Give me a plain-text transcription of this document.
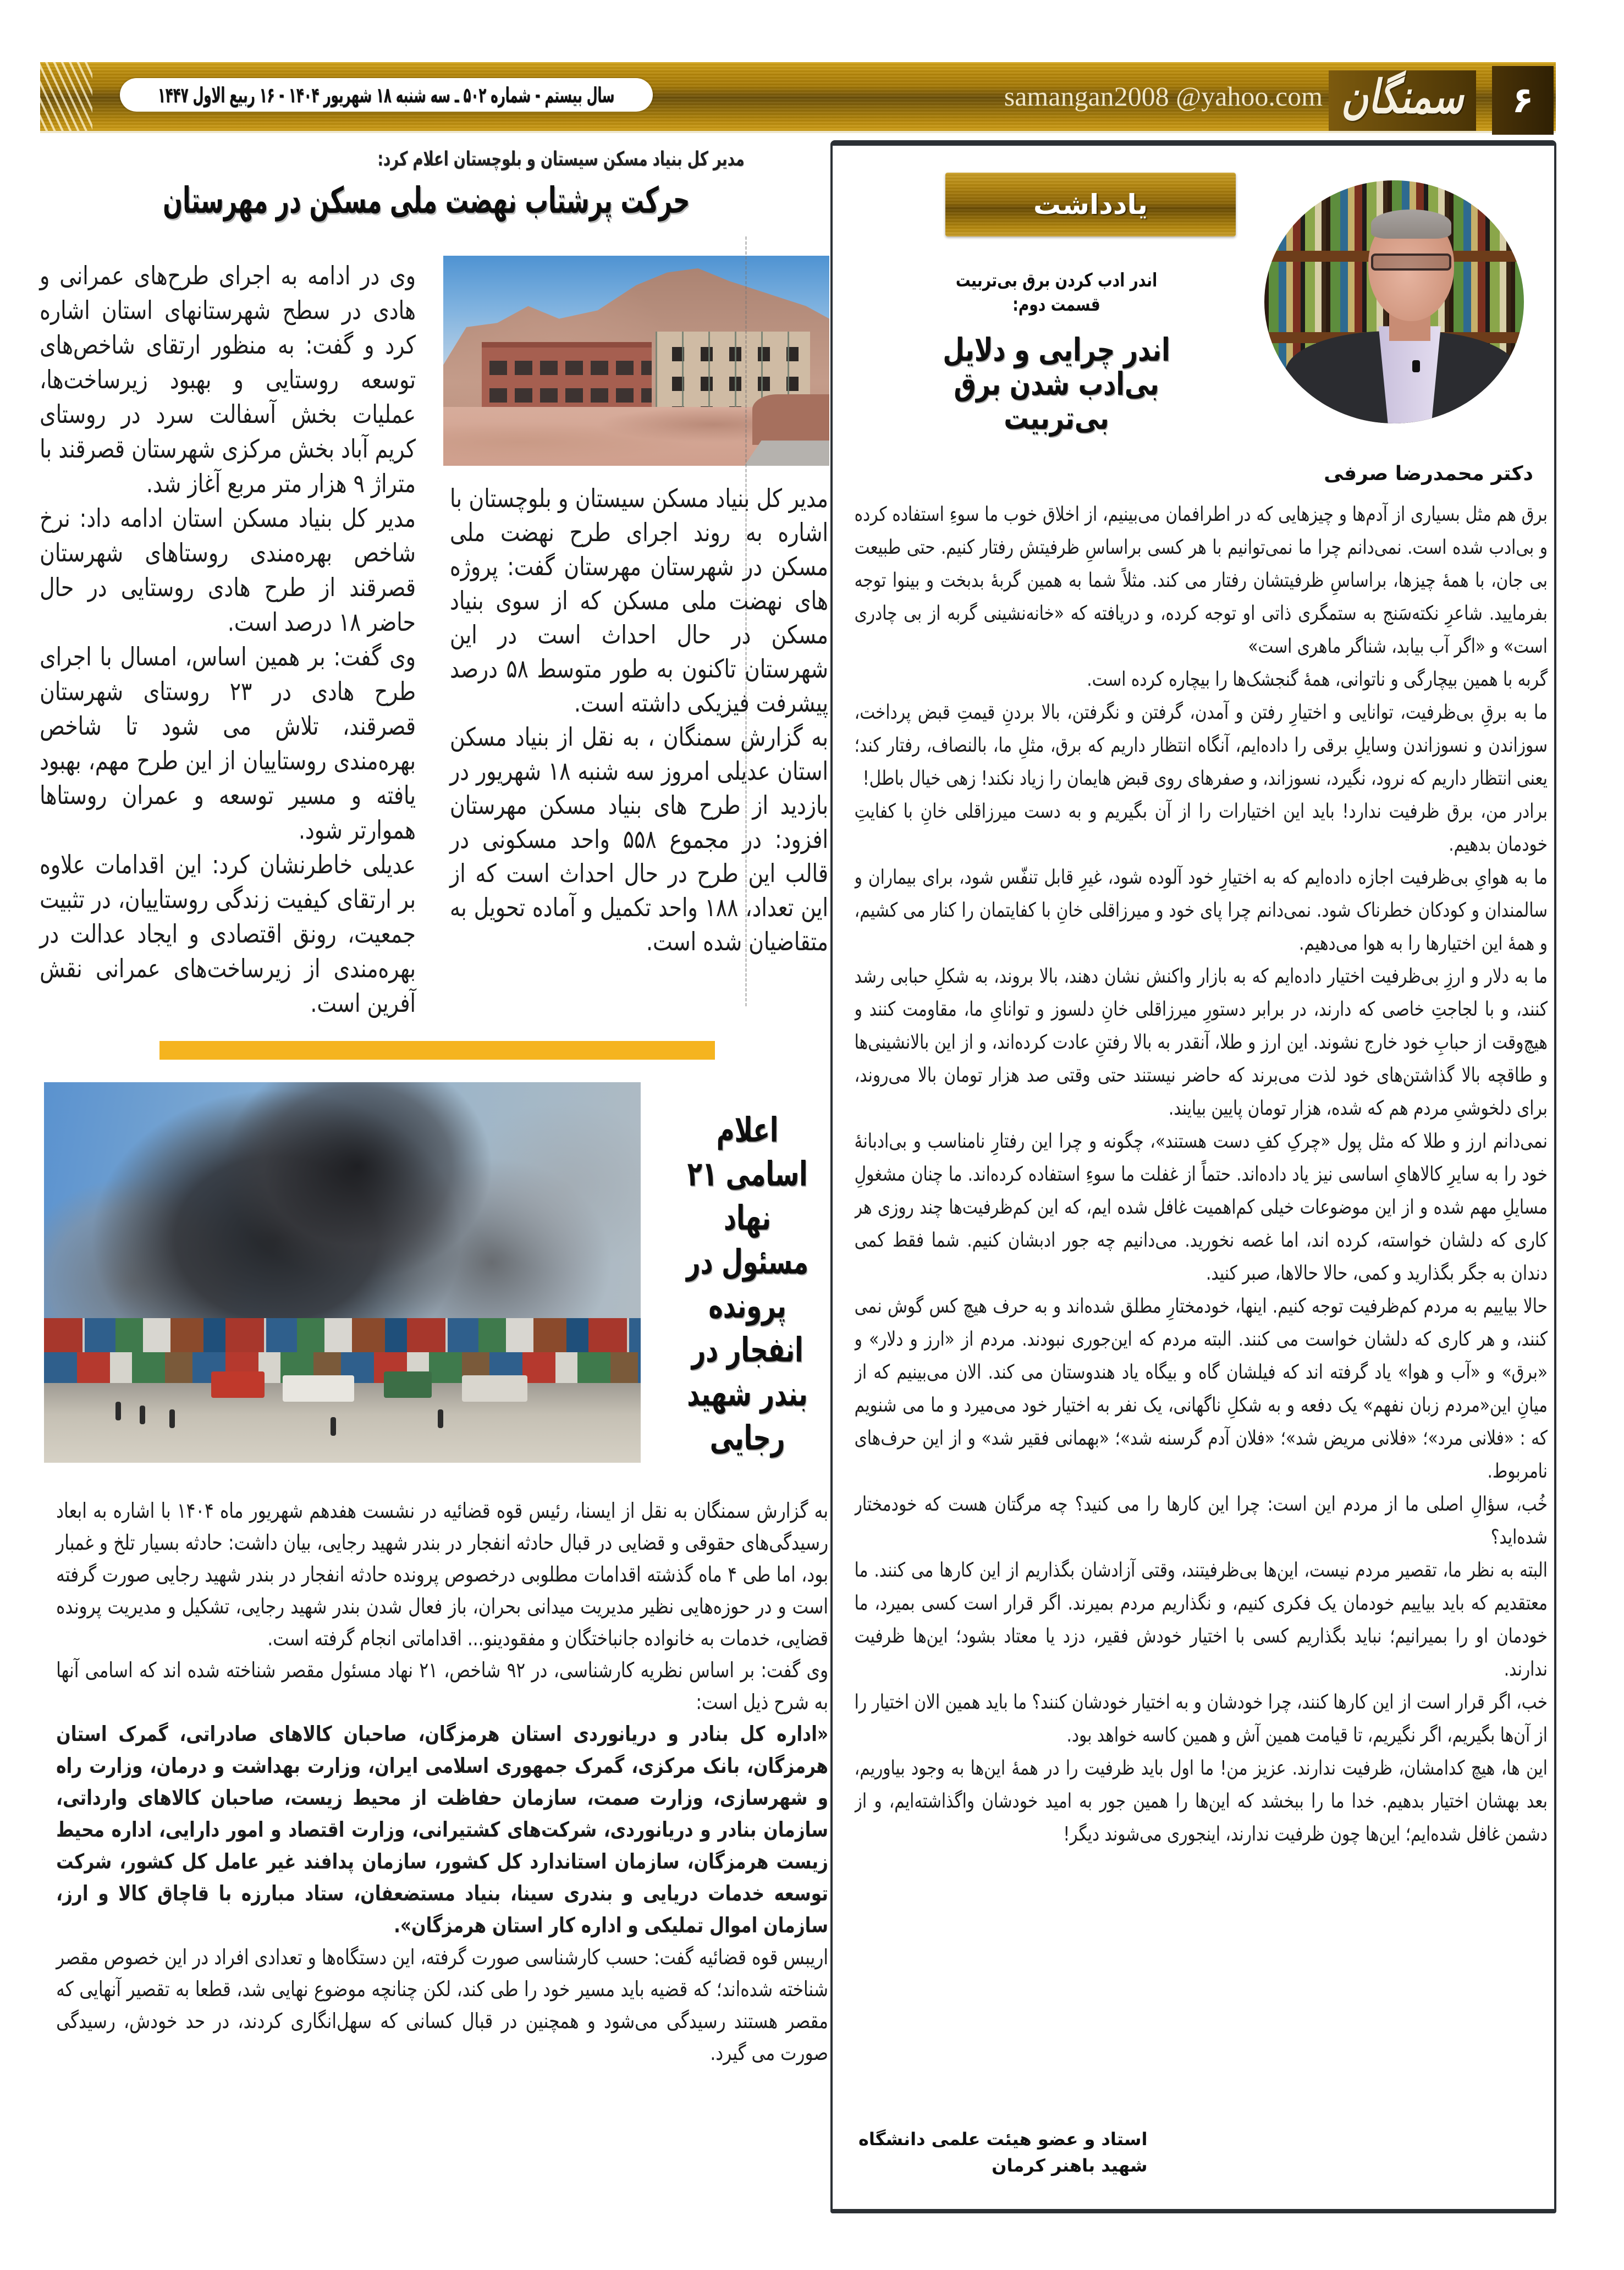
سال بیستم - شماره ۵۰۲ ـ سه شنبه ۱۸ شهریور ۱۴۰۴ - ۱۶ ربیع الاول ۱۴۴۷	samangan2008 @yahoo.com سمنگان	۶
مدیر کل بنیاد مسکن سیستان و بلوچستان اعلام کرد:
حرکت پرشتاب نهضت ملی مسکن در مهرستان

مدیر کل بنیاد مسکن سیستان و بلوچستان با اشاره به روند اجرای طرح نهضت ملی مسکن در شهرستان مهرستان گفت: پروژه های نهضت ملی مسکن که از سوی بنیاد مسکن در حال احداث است در این شهرستان تاکنون به طور متوسط ۵۸ درصد پیشرفت فیزیکی داشته است.

به گزارش سمنگان ، به نقل از بنیاد مسکن استان عدیلی امروز سه شنبه ۱۸ شهریور در بازدید از طرح های بنیاد مسکن مهرستان افزود: در مجموع ۵۵۸ واحد مسکونی در قالب این طرح در حال احداث است که از این تعداد، ۱۸۸ واحد تکمیل و آماده تحویل به متقاضیان شده است.

وی در ادامه به اجرای طرح‌های عمرانی و هادی در سطح شهرستانهای استان اشاره کرد و گفت: به منظور ارتقای شاخص‌های توسعه روستایی و بهبود زیرساخت‌ها، عملیات بخش آسفالت سرد در روستای کریم آباد بخش مرکزی شهرستان قصرقند با متراژ ۹ هزار متر مربع آغاز شد.

مدیر کل بنیاد مسکن استان ادامه داد: نرخ شاخص بهره‌مندی روستاهای شهرستان قصرقند از طرح هادی روستایی در حال حاضر ۱۸ درصد است.

وی گفت: بر همین اساس، امسال با اجرای طرح هادی در ۲۳ روستای شهرستان قصرقند، تلاش می شود تا شاخص بهره‌مندی روستاییان از این طرح مهم، بهبود یافته و مسیر توسعه و عمران روستاها هموارتر شود.

عدیلی خاطرنشان کرد: این اقدامات علاوه بر ارتقای کیفیت زندگی روستاییان، در تثبیت جمعیت، رونق اقتصادی و ایجاد عدالت در بهره‌مندی از زیرساخت‌های عمرانی نقش آفرین است.

اعلام
اسامی ۲۱
نهاد
مسئول در
پرونده
انفجار در
بندر شهید
رجایی

به گزارش سمنگان به نقل از ایسنا، رئیس قوه قضائیه در نشست هفدهم شهریور ماه ۱۴۰۴ با اشاره به ابعاد رسیدگی‌های حقوقی و قضایی در قبال حادثه انفجار در بندر شهید رجایی، بیان داشت: حادثه بسیار تلخ و غمبار بود، اما طی ۴ ماه گذشته اقدامات مطلوبی درخصوص پرونده حادثه انفجار در بندر شهید رجایی صورت گرفته است و در حوزه‌هایی نظیر مدیریت میدانی بحران، باز فعال شدن بندر شهید رجایی، تشکیل و مدیریت پرونده قضایی، خدمات به خانواده جانباختگان و مفقودینو... اقداماتی انجام گرفته است.

وی گفت: بر اساس نظریه کارشناسی، در ۹۲ شاخص، ۲۱ نهاد مسئول مقصر شناخته شده اند که اسامی آنها به شرح ذیل است:

«اداره کل بنادر و دریانوردی استان هرمزگان، صاحبان کالاهای صادراتی، گمرک استان هرمزگان، بانک مرکزی، گمرک جمهوری اسلامی ایران، وزارت بهداشت و درمان، وزارت راه و شهرسازی، وزارت صمت، سازمان حفاظت از محیط زیست، صاحبان کالاهای وارداتی، سازمان بنادر و دریانوردی، شرکت‌های کشتیرانی، وزارت اقتصاد و امور دارایی، اداره محیط زیست هرمزگان، سازمان استاندارد کل کشور، سازمان پدافند غیر عامل کل کشور، شرکت توسعه خدمات دریایی و بندری سینا، بنیاد مستضعفان، ستاد مبارزه با قاچاق کالا و ارز، سازمان اموال تملیکی و اداره کار استان هرمزگان».

اریبس قوه قضائیه گفت: حسب کارشناسی صورت گرفته، این دستگاه‌ها و تعدادی افراد در این خصوص مقصر شناخته شده‌اند؛ که قضیه باید مسیر خود را طی کند، لکن چنانچه موضوع نهایی شد، قطعا به تقصیر آنهایی که مقصر هستند رسیدگی می‌شود و همچنین در قبال کسانی که سهل‌انگاری کردند، در حد خودش، رسیدگی صورت می گیرد.

یادداشت
اندر ادب کردن برق بی‌تربیت
قسمت دوم:
اندر چرایی و دلایل
بی‌ادب شدن برق
بی‌تربیت
دکتر محمدرضا صرفی

برق هم مثل بسیاری از آدم‌ها و چیزهایی که در اطرافمان می‌بینیم، از اخلاق خوب ما سوءِ استفاده کرده و بی‌ادب شده است. نمی‌دانم چرا ما نمی‌توانیم با هر کسی براساسِ ظرفیتش رفتار کنیم. حتی طبیعت بی جان، با همهٔ چیزها، براساسِ ظرفیتشان رفتار می کند. مثلاً شما به همین گربهٔ بدبخت و بینوا توجه بفرمایید. شاعرِ نکته‌سَنج به ستمگری ذاتی او توجه کرده، و دریافته که «خانه‌نشینی گربه از بی چادری است» و «اگر آب بیابد، شناگر ماهری است»

گربه با همین بیچارگی و ناتوانی، همهٔ گنجشک‌ها را بیچاره کرده است.

ما به برقِ بی‌ظرفیت، توانایی و اختیارِ رفتن و آمدن، گرفتن و نگرفتن، بالا بردنِ قیمتِ قبض پرداخت، سوزاندن و نسوزاندن وسایلِ برقی را داده‌ایم، آنگاه انتظار داریم که برق، مثلِ ما، بالنصاف، رفتار کند؛ یعنی انتظار داریم که نرود، نگیرد، نسوزاند، و صفرهای روی قبض هایمان را زیاد نکند! زهی خیال باطل!

برادر من، برق ظرفیت ندارد! باید این اختیارات را از آن بگیریم و به دست میرزاقلی خانِ با کفایتِ خودمان بدهیم.

ما به هوایِ بی‌ظرفیت اجازه داده‌ایم که به اختیارِ خود آلوده شود، غیرِ قابل تنفّس شود، برای بیماران و سالمندان و کودکان خطرناک شود. نمی‌دانم چرا پای خود و میرزاقلی خانِ با کفایتمان را کنار می کشیم، و همهٔ این اختیارها را به هوا می‌دهیم.

ما به دلار و ارزِ بی‌ظرفیت اختیار داده‌ایم که به بازار واکنش نشان دهند، بالا بروند، به شکلِ حبابی رشد کنند، و با لجاجتِ خاصی که دارند، در برابر دستورِ میرزاقلی خانِ دلسوز و توانایِ ما، مقاومت کنند و هیچ‌وقت از حبابِ خود خارج نشوند. این ارز و طلا، آنقدر به بالا رفتنِ عادت کرده‌اند، و از این بالانشینی‌ها و طاقچه بالا گذاشتن‌های خود لذت می‌برند که حاضر نیستند حتی وقتی صد هزار تومان بالا می‌روند، برای دلخوشیِ مردم هم که شده، هزار تومان پایین بیایند.

نمی‌دانم ارز و طلا که مثل پول «چرکِ کفِ دست هستند»، چگونه و چرا این رفتارِ نامناسب و بی‌ادبانهٔ خود را به سایرِ کالاهایِ اساسی نیز یاد داده‌اند. حتماً از غفلت ما سوءِ استفاده کرده‌اند. ما چنان مشغولِ مسایلِ مهم شده و از این موضوعات خیلی کم‌اهمیت غافل شده ایم، که این کم‌ظرفیت‌ها چند روزی هر کاری که دلشان خواسته، کرده اند، اما غصه نخورید. می‌دانیم چه جور ادبشان کنیم. شما فقط کمی دندان به جگر بگذارید و کمی، حالا حالاها، صبر کنید.

حالا بیاییم به مردم کم‌ظرفیت توجه کنیم. اینها، خودمختارِ مطلق شده‌اند و به حرف هیچ کس گوش نمی کنند، و هر کاری که دلشان خواست می کنند. البته مردم که این‌جوری نبودند. مردم از «ارز و دلار» و «برق» و «آب و هوا» یاد گرفته اند که فیلشان گاه و بیگاه یاد هندوستان می کند. الان می‌بینیم که از میانِ این«مردم زبان نفهم» یک دفعه و به شکلِ ناگهانی، یک نفر به اختیار خود می‌میرد و ما می شنویم که : «فلانی مرد»؛ «فلانی مریض شد»؛ «فلان آدم گرسنه شد»؛ «بهمانی فقیر شد» و از این حرف‌های نامربوط.

خُب، سؤالِ اصلی ما از مردم این است: چرا این کارها را می کنید؟ چه مرگتان هست که خودمختار شده‌اید؟

البته به نظر ما، تقصیر مردم نیست، این‌ها بی‌ظرفیتند، وقتی آزادشان بگذاریم از این کارها می کنند. ما معتقدیم که باید بیاییم خودمان یک فکری کنیم، و نگذاریم مردم بمیرند. اگر قرار است کسی بمیرد، ما خودمان او را بمیرانیم؛ نباید بگذاریم کسی با اختیار خودش فقیر، دزد یا معتاد بشود؛ این‌ها ظرفیت ندارند.

خب، اگر قرار است از این کارها کنند، چرا خودشان و به اختیار خودشان کنند؟ ما باید همین الان اختیار را از آن‌ها بگیریم، اگر نگیریم، تا قیامت همین آش و همین کاسه خواهد بود.

این ها، هیچ کدامشان، ظرفیت ندارند. عزیز من! ما اول باید ظرفیت را در همهٔ این‌ها به وجود بیاوریم، بعد بهشان اختیار بدهیم. خدا ما را ببخشد که این‌ها را همین جور به امید خودشان واگذاشته‌ایم، و از دشمن غافل شده‌ایم؛ این‌ها چون ظرفیت ندارند، اینجوری می‌شوند دیگر!

استاد و عضو هیئت علمی دانشگاه
شهید باهنر کرمان
